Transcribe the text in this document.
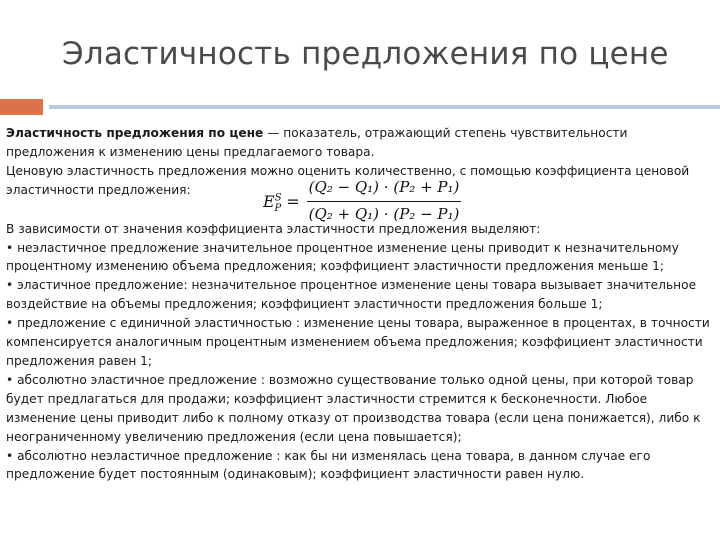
Эластичность предложения по цене

Эластичность предложения по цене — показатель, отражающий степень чувствительности предложения к изменению цены предлагаемого товара.

Ценовую эластичность предложения можно оценить количественно, с помощью коэффициента ценовой эластичности предложения:

В зависимости от значения коэффициента эластичности предложения выделяют:

• неэластичное предложение значительное процентное изменение цены приводит к незначительному процентному изменению объема предложения; коэффициент эластичности предложения меньше 1;

• эластичное предложение: незначительное процентное изменение цены товара вызывает значительное воздействие на объемы предложения; коэффициент эластичности предложения больше 1;

• предложение с единичной эластичностью : изменение цены товара, выраженное в процентах, в точности компенсируется аналогичным процентным изменением объема предложения; коэффициент эластичности предложения равен 1;

• абсолютно эластичное предложение : возможно существование только одной цены, при которой товар будет предлагаться для продажи; коэффициент эластичности стремится к бесконечности. Любое изменение цены приводит либо к полному отказу от производства товара (если цена понижается), либо к неограниченному увеличению предложения (если цена повышается);

• абсолютно неэластичное предложение : как бы ни изменялась цена товара, в данном случае его предложение будет постоянным (одинаковым); коэффициент эластичности равен нулю.

$E^S_P$ =
(Q₂ − Q₁) · (P₂ + P₁)
(Q₂ + Q₁) · (P₂ − P₁)
